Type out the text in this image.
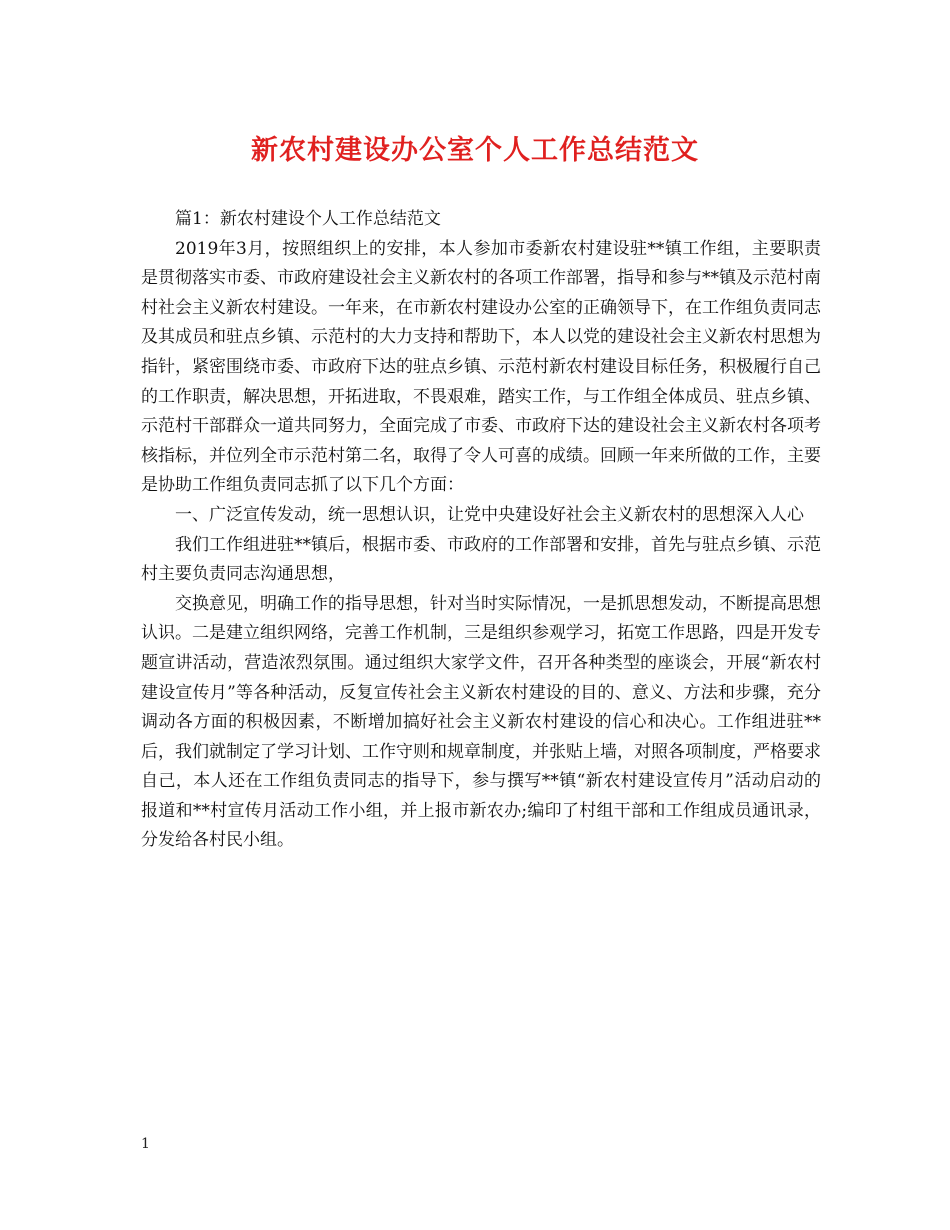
新农村建设办公室个人工作总结范文

篇1：新农村建设个人工作总结范文

2019年3月，按照组织上的安排，本人参加市委新农村建设驻**镇工作组，主要职责是贯彻落实市委、市政府建设社会主义新农村的各项工作部署，指导和参与**镇及示范村南村社会主义新农村建设。一年来，在市新农村建设办公室的正确领导下，在工作组负责同志及其成员和驻点乡镇、示范村的大力支持和帮助下，本人以党的建设社会主义新农村思想为指针，紧密围绕市委、市政府下达的驻点乡镇、示范村新农村建设目标任务，积极履行自己的工作职责，解决思想，开拓进取，不畏艰难，踏实工作，与工作组全体成员、驻点乡镇、示范村干部群众一道共同努力，全面完成了市委、市政府下达的建设社会主义新农村各项考核指标，并位列全市示范村第二名，取得了令人可喜的成绩。回顾一年来所做的工作，主要是协助工作组负责同志抓了以下几个方面：

一、广泛宣传发动，统一思想认识，让党中央建设好社会主义新农村的思想深入人心

我们工作组进驻**镇后，根据市委、市政府的工作部署和安排，首先与驻点乡镇、示范村主要负责同志沟通思想，

交换意见，明确工作的指导思想，针对当时实际情况，一是抓思想发动，不断提高思想认识。二是建立组织网络，完善工作机制，三是组织参观学习，拓宽工作思路，四是开发专题宣讲活动，营造浓烈氛围。通过组织大家学文件，召开各种类型的座谈会，开展“新农村建设宣传月”等各种活动，反复宣传社会主义新农村建设的目的、意义、方法和步骤，充分调动各方面的积极因素，不断增加搞好社会主义新农村建设的信心和决心。工作组进驻**后，我们就制定了学习计划、工作守则和规章制度，并张贴上墙，对照各项制度，严格要求自己，本人还在工作组负责同志的指导下，参与撰写**镇“新农村建设宣传月”活动启动的报道和**村宣传月活动工作小组，并上报市新农办;编印了村组干部和工作组成员通讯录，分发给各村民小组。

1
